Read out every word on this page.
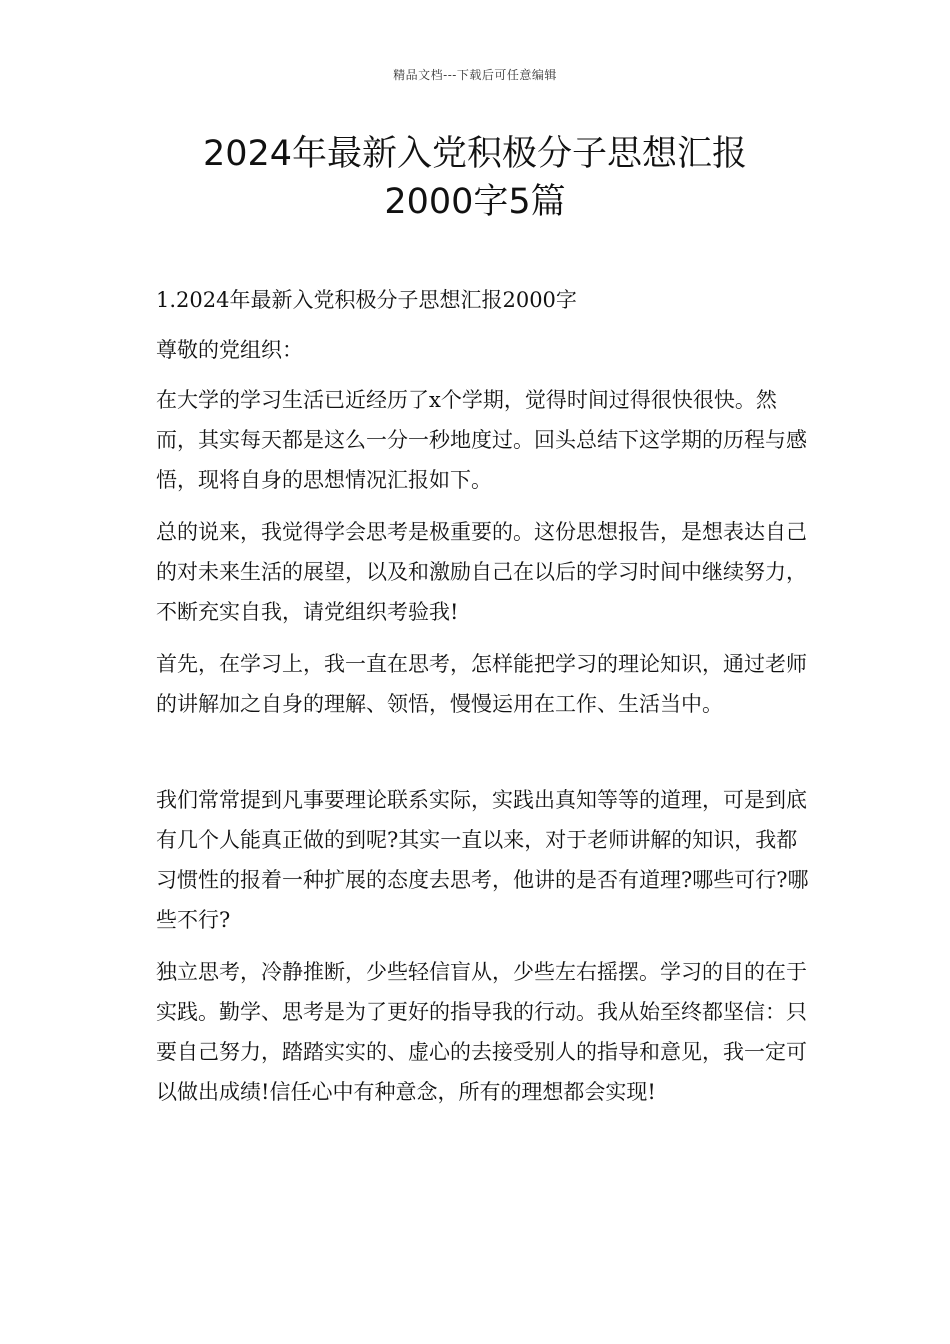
精品文档---下载后可任意编辑
2024年最新入党积极分子思想汇报
2000字5篇

1.2024年最新入党积极分子思想汇报2000字

尊敬的党组织：

在大学的学习生活已近经历了x个学期，觉得时间过得很快很快。然而，其实每天都是这么一分一秒地度过。回头总结下这学期的历程与感悟，现将自身的思想情况汇报如下。

总的说来，我觉得学会思考是极重要的。这份思想报告，是想表达自己的对未来生活的展望，以及和激励自己在以后的学习时间中继续努力，不断充实自我，请党组织考验我!

首先，在学习上，我一直在思考，怎样能把学习的理论知识，通过老师的讲解加之自身的理解、领悟，慢慢运用在工作、生活当中。

我们常常提到凡事要理论联系实际，实践出真知等等的道理，可是到底有几个人能真正做的到呢?其实一直以来，对于老师讲解的知识，我都习惯性的报着一种扩展的态度去思考，他讲的是否有道理?哪些可行?哪些不行?

独立思考，冷静推断，少些轻信盲从，少些左右摇摆。学习的目的在于实践。勤学、思考是为了更好的指导我的行动。我从始至终都坚信：只要自己努力，踏踏实实的、虚心的去接受别人的指导和意见，我一定可以做出成绩!信任心中有种意念，所有的理想都会实现!
